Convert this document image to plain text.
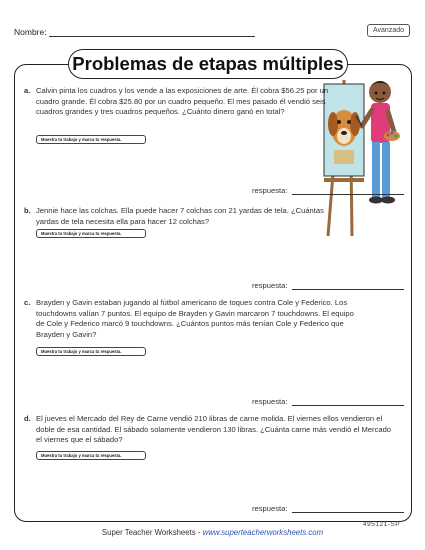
Nombre:	Avanzado
Problemas de etapas múltiples
a. Calvin pinta los cuadros y los vende a las exposiciones de arte. Él cobra $56.25 por un cuadro grande. Él cobra $25.80 por un cuadro pequeño. El mes pasado él vendió seis cuadros grandes y tres cuadros pequeños. ¿Cuánto dinero ganó en total?
Muestra tu trabajo y marca tu respuesta.
respuesta:
b. Jennie hace las colchas. Ella puede hacer 7 colchas con 21 yardas de tela. ¿Cuántas yardas de tela necesita ella para hacer 12 colchas?
Muestra tu trabajo y marca tu respuesta.
respuesta:
c. Brayden y Gavin estaban jugando al fútbol americano de toques contra Cole y Federico. Los touchdowns valían 7 puntos. El equipo de Brayden y Gavin marcaron 7 touchdowns. El equipo de Cole y Federico marcó 9 touchdowns. ¿Cuántos puntos más tenían Cole y Federico que Brayden y Gavin?
Muestra tu trabajo y marca tu respuesta.
respuesta:
d. El jueves el Mercado del Rey de Carne vendió 210 libras de carne molida. El viernes ellos vendieron el doble de esa cantidad. El sábado solamente vendieron 130 libras. ¿Cuánta carne más vendió el Mercado el viernes que el sábado?
Muestra tu trabajo y marca tu respuesta.
respuesta:
495121-SP
Super Teacher Worksheets - www.superteacherworksheets.com
